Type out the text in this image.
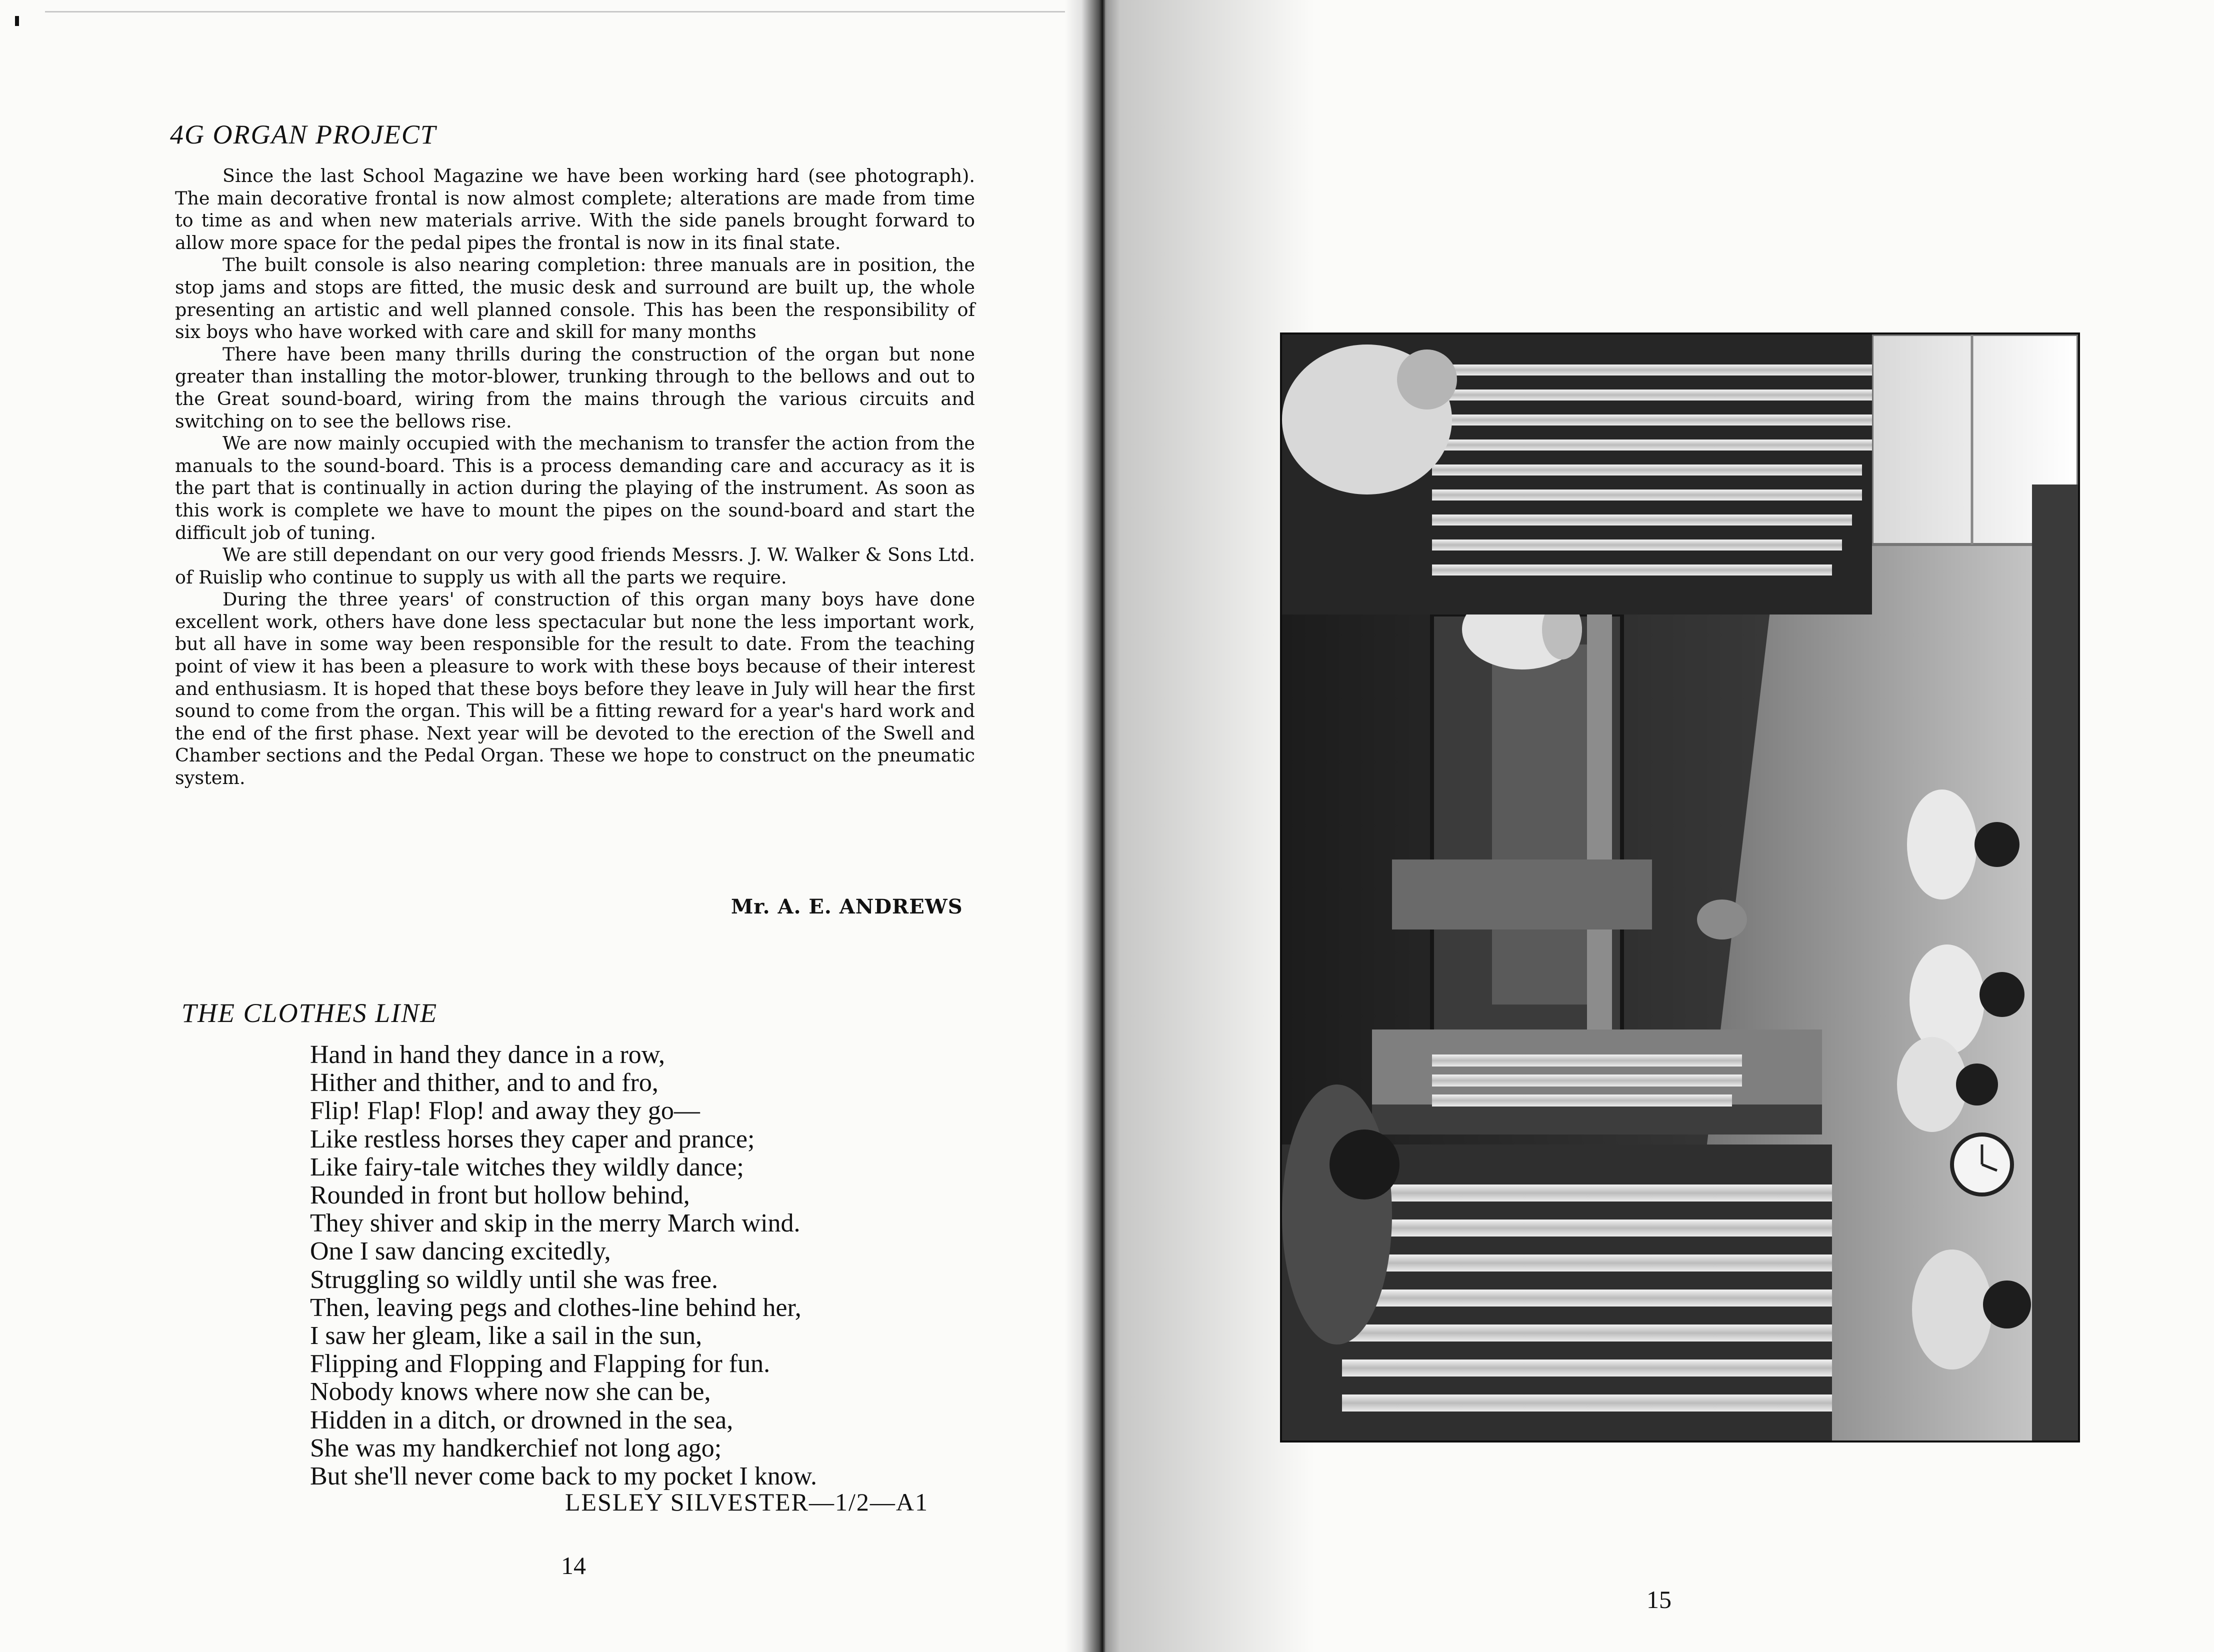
4G ORGAN PROJECT

Since the last School Magazine we have been working hard (see photograph). The main decorative frontal is now almost complete; alterations are made from time to time as and when new materials arrive. With the side panels brought forward to allow more space for the pedal pipes the frontal is now in its final state.

The built console is also nearing completion: three manuals are in position, the stop jams and stops are fitted, the music desk and surround are built up, the whole presenting an artistic and well planned console. This has been the responsibility of six boys who have worked with care and skill for many months

There have been many thrills during the construction of the organ but none greater than installing the motor-blower, trunking through to the bellows and out to the Great sound-board, wiring from the mains through the various circuits and switching on to see the bellows rise.

We are now mainly occupied with the mechanism to transfer the action from the manuals to the sound-board. This is a process demanding care and accuracy as it is the part that is continually in action during the playing of the instrument. As soon as this work is complete we have to mount the pipes on the sound-board and start the difficult job of tuning.

We are still dependant on our very good friends Messrs. J. W. Walker & Sons Ltd. of Ruislip who continue to supply us with all the parts we require.

During the three years' of construction of this organ many boys have done excellent work, others have done less spectacular but none the less important work, but all have in some way been responsible for the result to date. From the teaching point of view it has been a pleasure to work with these boys because of their interest and enthusiasm. It is hoped that these boys before they leave in July will hear the first sound to come from the organ. This will be a fitting reward for a year's hard work and the end of the first phase. Next year will be devoted to the erection of the Swell and Chamber sections and the Pedal Organ. These we hope to construct on the pneumatic system.

Mr. A. E. ANDREWS
THE CLOTHES LINE
Hand in hand they dance in a row,
Hither and thither, and to and fro,
Flip! Flap! Flop! and away they go—
Like restless horses they caper and prance;
Like fairy-tale witches they wildly dance;
Rounded in front but hollow behind,
They shiver and skip in the merry March wind.
One I saw dancing excitedly,
Struggling so wildly until she was free.
Then, leaving pegs and clothes-line behind her,
I saw her gleam, like a sail in the sun,
Flipping and Flopping and Flapping for fun.
Nobody knows where now she can be,
Hidden in a ditch, or drowned in the sea,
She was my handkerchief not long ago;
But she'll never come back to my pocket I know.
LESLEY SILVESTER—1/2—A1
14
15
